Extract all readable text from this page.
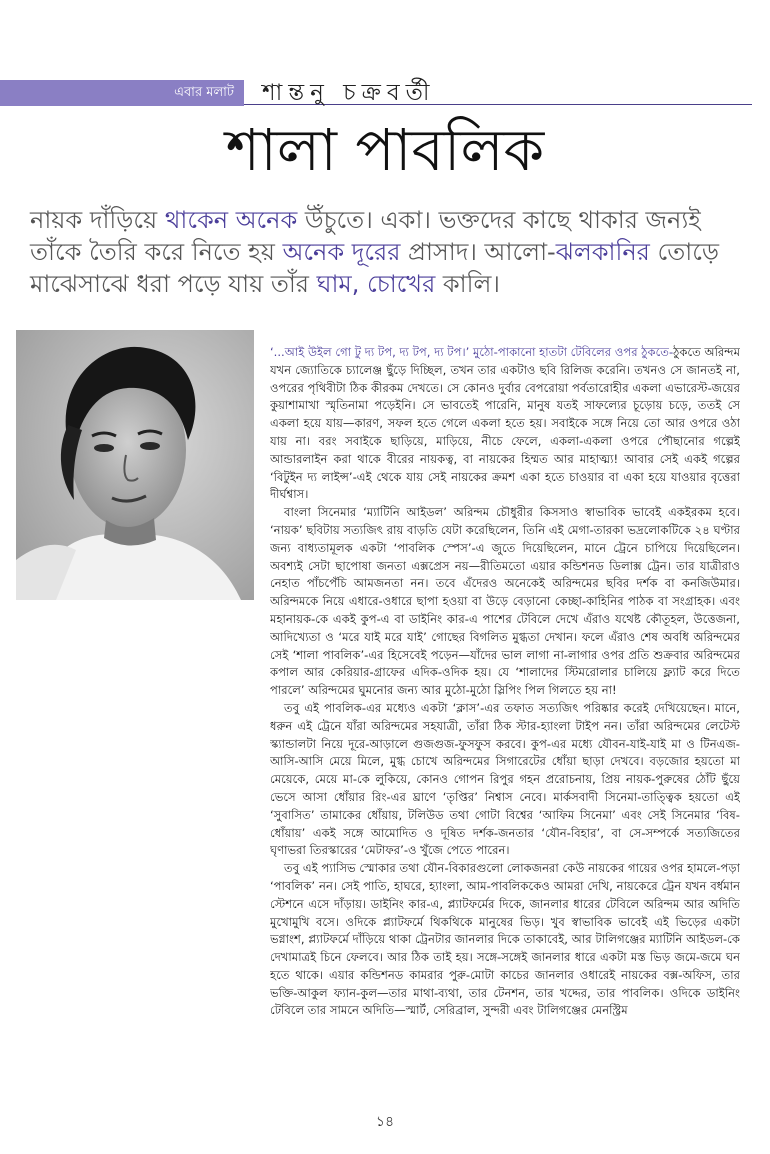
এবার মলাট	শান্তনু চক্রবর্তী
শালা পাবলিক
নায়ক দাঁড়িয়ে থাকেন অনেক উঁচুতে। একা। ভক্তদের কাছে থাকার জন্যই তাঁকে তৈরি করে নিতে হয় অনেক দূরের প্রাসাদ। আলো-ঝলকানির তোড়ে মাঝেসাঝে ধরা পড়ে যায় তাঁর ঘাম, চোখের কালি।

‘...আই উইল গো টু দ্য টপ, দ্য টপ, দ্য টপ।’ মুঠো-পাকানো হাতটা টেবিলের ওপর ঠুকতে-ঠুকতে অরিন্দম যখন জ্যোতিকে চ্যালেঞ্জ ছুঁড়ে দিচ্ছিল, তখন তার একটাও ছবি রিলিজ করেনি। তখনও সে জানতই না, ওপরের পৃথিবীটা ঠিক কীরকম দেখতে। সে কোনও দুর্বার বেপরোয়া পর্বতারোহীর একলা এভারেস্ট-জয়ের কুয়াশামাখা স্মৃতিনামা পড়েইনি। সে ভাবতেই পারেনি, মানুষ যতই সাফল্যের চূড়োয় চড়ে, ততই সে একলা হয়ে যায়—কারণ, সফল হতে গেলে একলা হতে হয়। সবাইকে সঙ্গে নিয়ে তো আর ওপরে ওঠা যায় না। বরং সবাইকে ছাড়িয়ে, মাড়িয়ে, নীচে ফেলে, একলা-একলা ওপরে পৌছানোর গল্পেই আন্ডারলাইন করা থাকে বীরের নায়কত্ব, বা নায়কের হিম্মত আর মাহাত্ম্য! আবার সেই একই গল্পের ‘বিটুইন দ্য লাইন্স’-এই থেকে যায় সেই নায়কের ক্রমশ একা হতে চাওয়ার বা একা হয়ে যাওয়ার বৃত্তেরা দীর্ঘশ্বাস।

বাংলা সিনেমার ‘ম্যাটিনি আইডল’ অরিন্দম চৌধুরীর কিসসাও স্বাভাবিক ভাবেই একইরকম হবে। ‘নায়ক’ ছবিটায় সত্যজিৎ রায় বাড়তি যেটা করেছিলেন, তিনি এই মেগা-তারকা ভদ্রলোকটিকে ২৪ ঘণ্টার জন্য বাধ্যতামূলক একটা ‘পাবলিক স্পেস’-এ জুতে দিয়েছিলেন, মানে ট্রেনে চাপিয়ে দিয়েছিলেন। অবশ্যই সেটা ছাপোষা জনতা এক্সপ্রেস নয়—রীতিমতো এয়ার কন্ডিশনড ডিলাক্স ট্রেন। তার যাত্রীরাও নেহাত পাঁচপেঁচি আমজনতা নন। তবে এঁদেরও অনেকেই অরিন্দমের ছবির দর্শক বা কনজিউমার। অরিন্দমকে নিয়ে এধারে-ওধারে ছাপা হওয়া বা উড়ে বেড়ানো কেচ্ছা-কাহিনির পাঠক বা সংগ্রাহক। এবং মহানায়ক-কে একই কুপ-এ বা ডাইনিং কার-এ পাশের টেবিলে দেখে এঁরাও যথেষ্ট কৌতূহল, উত্তেজনা, আদিখ্যেতা ও ‘মরে যাই মরে যাই’ গোছের বিগলিত মুগ্ধতা দেখান। ফলে এঁরাও শেষ অবধি অরিন্দমের সেই ‘শালা পাবলিক’-এর হিসেবেই পড়েন—যাঁদের ভাল লাগা না-লাগার ওপর প্রতি শুক্রবার অরিন্দমের কপাল আর কেরিয়ার-গ্রাফের এদিক-ওদিক হয়। যে ‘শালাদের স্টিমরোলার চালিয়ে ফ্ল্যাট করে দিতে পারলে’ অরিন্দমের ঘুমনোর জন্য আর মুঠো-মুঠো স্লিপিং পিল গিলতে হয় না!

তবু এই পাবলিক-এর মধ্যেও একটা ‘ক্লাস’-এর তফাত সত্যজিৎ পরিষ্কার করেই দেখিয়েছেন। মানে, ধরুন এই ট্রেনে যাঁরা অরিন্দমের সহযাত্রী, তাঁরা ঠিক স্টার-হ্যাংলা টাইপ নন। তাঁরা অরিন্দমের লেটেস্ট স্ক্যান্ডালটা নিয়ে দূরে-আড়ালে গুজগুজ-ফুসফুস করবে। কুপ-এর মধ্যে যৌবন-যাই-যাই মা ও টিনএজ-আসি-আসি মেয়ে মিলে, মুগ্ধ চোখে অরিন্দমের সিগারেটের ধোঁয়া ছাড়া দেখবে। বড়জোর হয়তো মা মেয়েকে, মেয়ে মা-কে লুকিয়ে, কোনও গোপন রিপুর গহন প্ররোচনায়, প্রিয় নায়ক-পুরুষের ঠোঁট ছুঁয়ে ভেসে আসা ধোঁয়ার রিং-এর ঘ্রাণে ‘তৃপ্তির’ নিশ্বাস নেবে। মার্কসবাদী সিনেমা-তাত্ত্বিক হয়তো এই ‘সুবাসিত’ তামাকের ধোঁয়ায়, টলিউড তথা গোটা বিশ্বের ‘আফিম সিনেমা’ এবং সেই সিনেমার ‘বিষ-ধোঁয়ায়’ একই সঙ্গে আমোদিত ও দূষিত দর্শক-জনতার ‘যৌন-বিহার’, বা সে-সম্পর্কে সত্যজিতের ঘৃণাভরা তিরস্কারের ‘মেটাফর’-ও খুঁজে পেতে পারেন।

তবু এই প্যাসিভ স্মোকার তথা যৌন-বিকারগুলো লোকজনরা কেউ নায়কের গায়ের ওপর হামলে-পড়া ‘পাবলিক’ নন। সেই পাতি, হাঘরে, হ্যাংলা, আম-পাবলিককেও আমরা দেখি, নায়কেরে ট্রেন যখন বর্ধমান স্টেশনে এসে দাঁড়ায়। ডাইনিং কার-এ, প্ল্যাটফর্মের দিকে, জানলার ধারের টেবিলে অরিন্দম আর অদিতি মুখোমুখি বসে। ওদিকে প্ল্যাটফর্মে থিকথিকে মানুষের ভিড়। খুব স্বাভাবিক ভাবেই এই ভিড়ের একটা ভগ্নাংশ, প্ল্যাটফর্মে দাঁড়িয়ে থাকা ট্রেনটার জানলার দিকে তাকাবেই, আর টালিগঞ্জের ম্যাটিনি আইডল-কে দেখামাত্রই চিনে ফেলবে। আর ঠিক তাই হয়। সঙ্গে-সঙ্গেই জানলার ধারে একটা মস্ত ভিড় জমে-জমে ঘন হতে থাকে। এয়ার কন্ডিশনড কামরার পুরু-মোটা কাচের জানলার ওধারেই নায়কের বক্স-অফিস, তার ভক্তি-আকুল ফ্যান-কুল—তার মাথা-ব্যথা, তার টেনশন, তার খদ্দের, তার পাবলিক। ওদিকে ডাইনিং টেবিলে তার সামনে অদিতি—স্মার্ট, সেরিব্রাল, সুন্দরী এবং টালিগঞ্জের মেনস্ট্রিম

১৪
